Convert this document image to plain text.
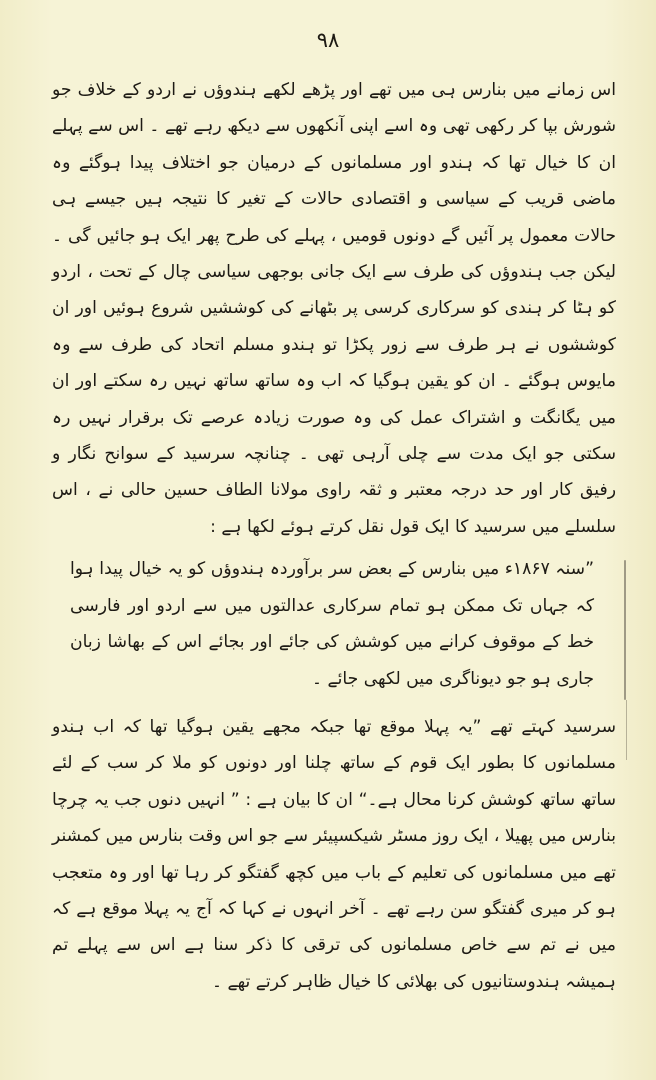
۹۸

اس زمانے میں بنارس ہی میں تھے اور پڑھے لکھے ہندوؤں نے اردو کے خلاف جو شورش بپا کر رکھی تھی وہ اسے اپنی آنکھوں سے دیکھ رہے تھے ۔ اس سے پہلے ان کا خیال تھا کہ ہندو اور مسلمانوں کے درمیان جو اختلاف پیدا ہوگئے وہ ماضی قریب کے سیاسی و اقتصادی حالات کے تغیر کا نتیجہ ہیں جیسے ہی حالات معمول پر آئیں گے دونوں قومیں ، پہلے کی طرح پھر ایک ہو جائیں گی ۔ لیکن جب ہندوؤں کی طرف سے ایک جانی بوجھی سیاسی چال کے تحت ، اردو کو ہٹا کر ہندی کو سرکاری کرسی پر بٹھانے کی کوششیں شروع ہوئیں اور ان کوششوں نے ہر طرف سے زور پکڑا تو ہندو مسلم اتحاد کی طرف سے وہ مایوس ہوگئے ۔ ان کو یقین ہوگیا کہ اب وہ ساتھ ساتھ نہیں رہ سکتے اور ان میں یگانگت و اشتراک عمل کی وہ صورت زیادہ عرصے تک برقرار نہیں رہ سکتی جو ایک مدت سے چلی آرہی تھی ۔ چنانچہ سرسید کے سوانح نگار و رفیق کار اور حد درجہ معتبر و ثقہ راوی مولانا الطاف حسین حالی نے ، اس سلسلے میں سرسید کا ایک قول نقل کرتے ہوئے لکھا ہے :

”سنہ ۱۸۶۷ء میں بنارس کے بعض سر برآوردہ ہندوؤں کو یہ خیال پیدا ہوا کہ جہاں تک ممکن ہو تمام سرکاری عدالتوں میں سے اردو اور فارسی خط کے موقوف کرانے میں کوشش کی جائے اور بجائے اس کے بھاشا زبان جاری ہو جو دیوناگری میں لکھی جائے ۔

سرسید کہتے تھے ”یہ پہلا موقع تھا جبکہ مجھے یقین ہوگیا تھا کہ اب ہندو مسلمانوں کا بطور ایک قوم کے ساتھ چلنا اور دونوں کو ملا کر سب کے لئے ساتھ ساتھ کوشش کرنا محال ہے۔“ ان کا بیان ہے : ” انہیں دنوں جب یہ چرچا بنارس میں پھیلا ، ایک روز مسٹر شیکسپیئر سے جو اس وقت بنارس میں کمشنر تھے میں مسلمانوں کی تعلیم کے باب میں کچھ گفتگو کر رہا تھا اور وہ متعجب ہو کر میری گفتگو سن رہے تھے ۔ آخر انہوں نے کہا کہ آج یہ پہلا موقع ہے کہ میں نے تم سے خاص مسلمانوں کی ترقی کا ذکر سنا ہے اس سے پہلے تم ہمیشہ ہندوستانیوں کی بھلائی کا خیال ظاہر کرتے تھے ۔
